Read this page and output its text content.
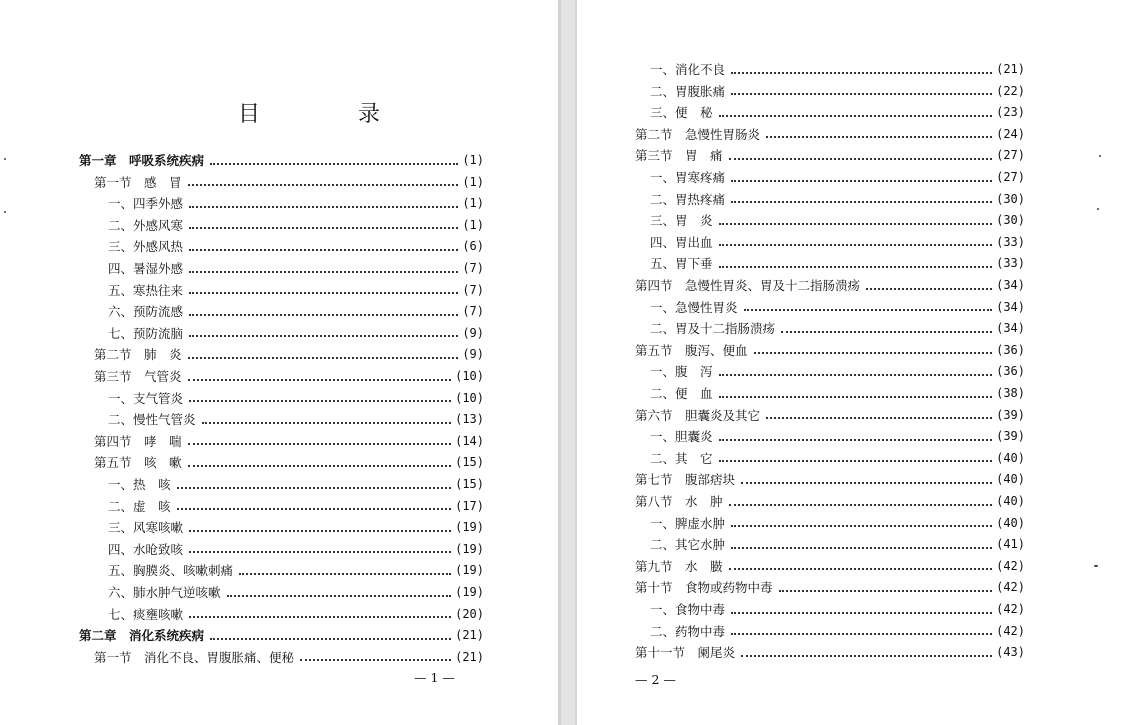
目　录
第一章　呼吸系统疾病	(1)
第一节　感　冒	(1)
一、四季外感	(1)
二、外感风寒	(1)
三、外感风热	(6)
四、暑湿外感	(7)
五、寒热往来	(7)
六、预防流感	(7)
七、预防流脑	(9)
第二节　肺　炎	(9)
第三节　气管炎	(10)
一、支气管炎	(10)
二、慢性气管炎	(13)
第四节　哮　喘	(14)
第五节　咳　嗽	(15)
一、热　咳	(15)
二、虚　咳	(17)
三、风寒咳嗽	(19)
四、水呛致咳	(19)
五、胸膜炎、咳嗽刺痛	(19)
六、肺水肿气逆咳嗽	(19)
七、痰壅咳嗽	(20)
第二章　消化系统疾病	(21)
第一节　消化不良、胃腹胀痛、便秘	(21)
— 1 —
一、消化不良	(21)
二、胃腹胀痛	(22)
三、便　秘	(23)
第二节　急慢性胃肠炎	(24)
第三节　胃　痛	(27)
一、胃寒疼痛	(27)
二、胃热疼痛	(30)
三、胃　炎	(30)
四、胃出血	(33)
五、胃下垂	(33)
第四节　急慢性胃炎、胃及十二指肠溃疡	(34)
一、急慢性胃炎	(34)
二、胃及十二指肠溃疡	(34)
第五节　腹泻、便血	(36)
一、腹　泻	(36)
二、便　血	(38)
第六节　胆囊炎及其它	(39)
一、胆囊炎	(39)
二、其　它	(40)
第七节　腹部痞块	(40)
第八节　水　肿	(40)
一、脾虚水肿	(40)
二、其它水肿	(41)
第九节　水　臌	(42)
第十节　食物或药物中毒	(42)
一、食物中毒	(42)
二、药物中毒	(42)
第十一节　阑尾炎	(43)
— 2 —
